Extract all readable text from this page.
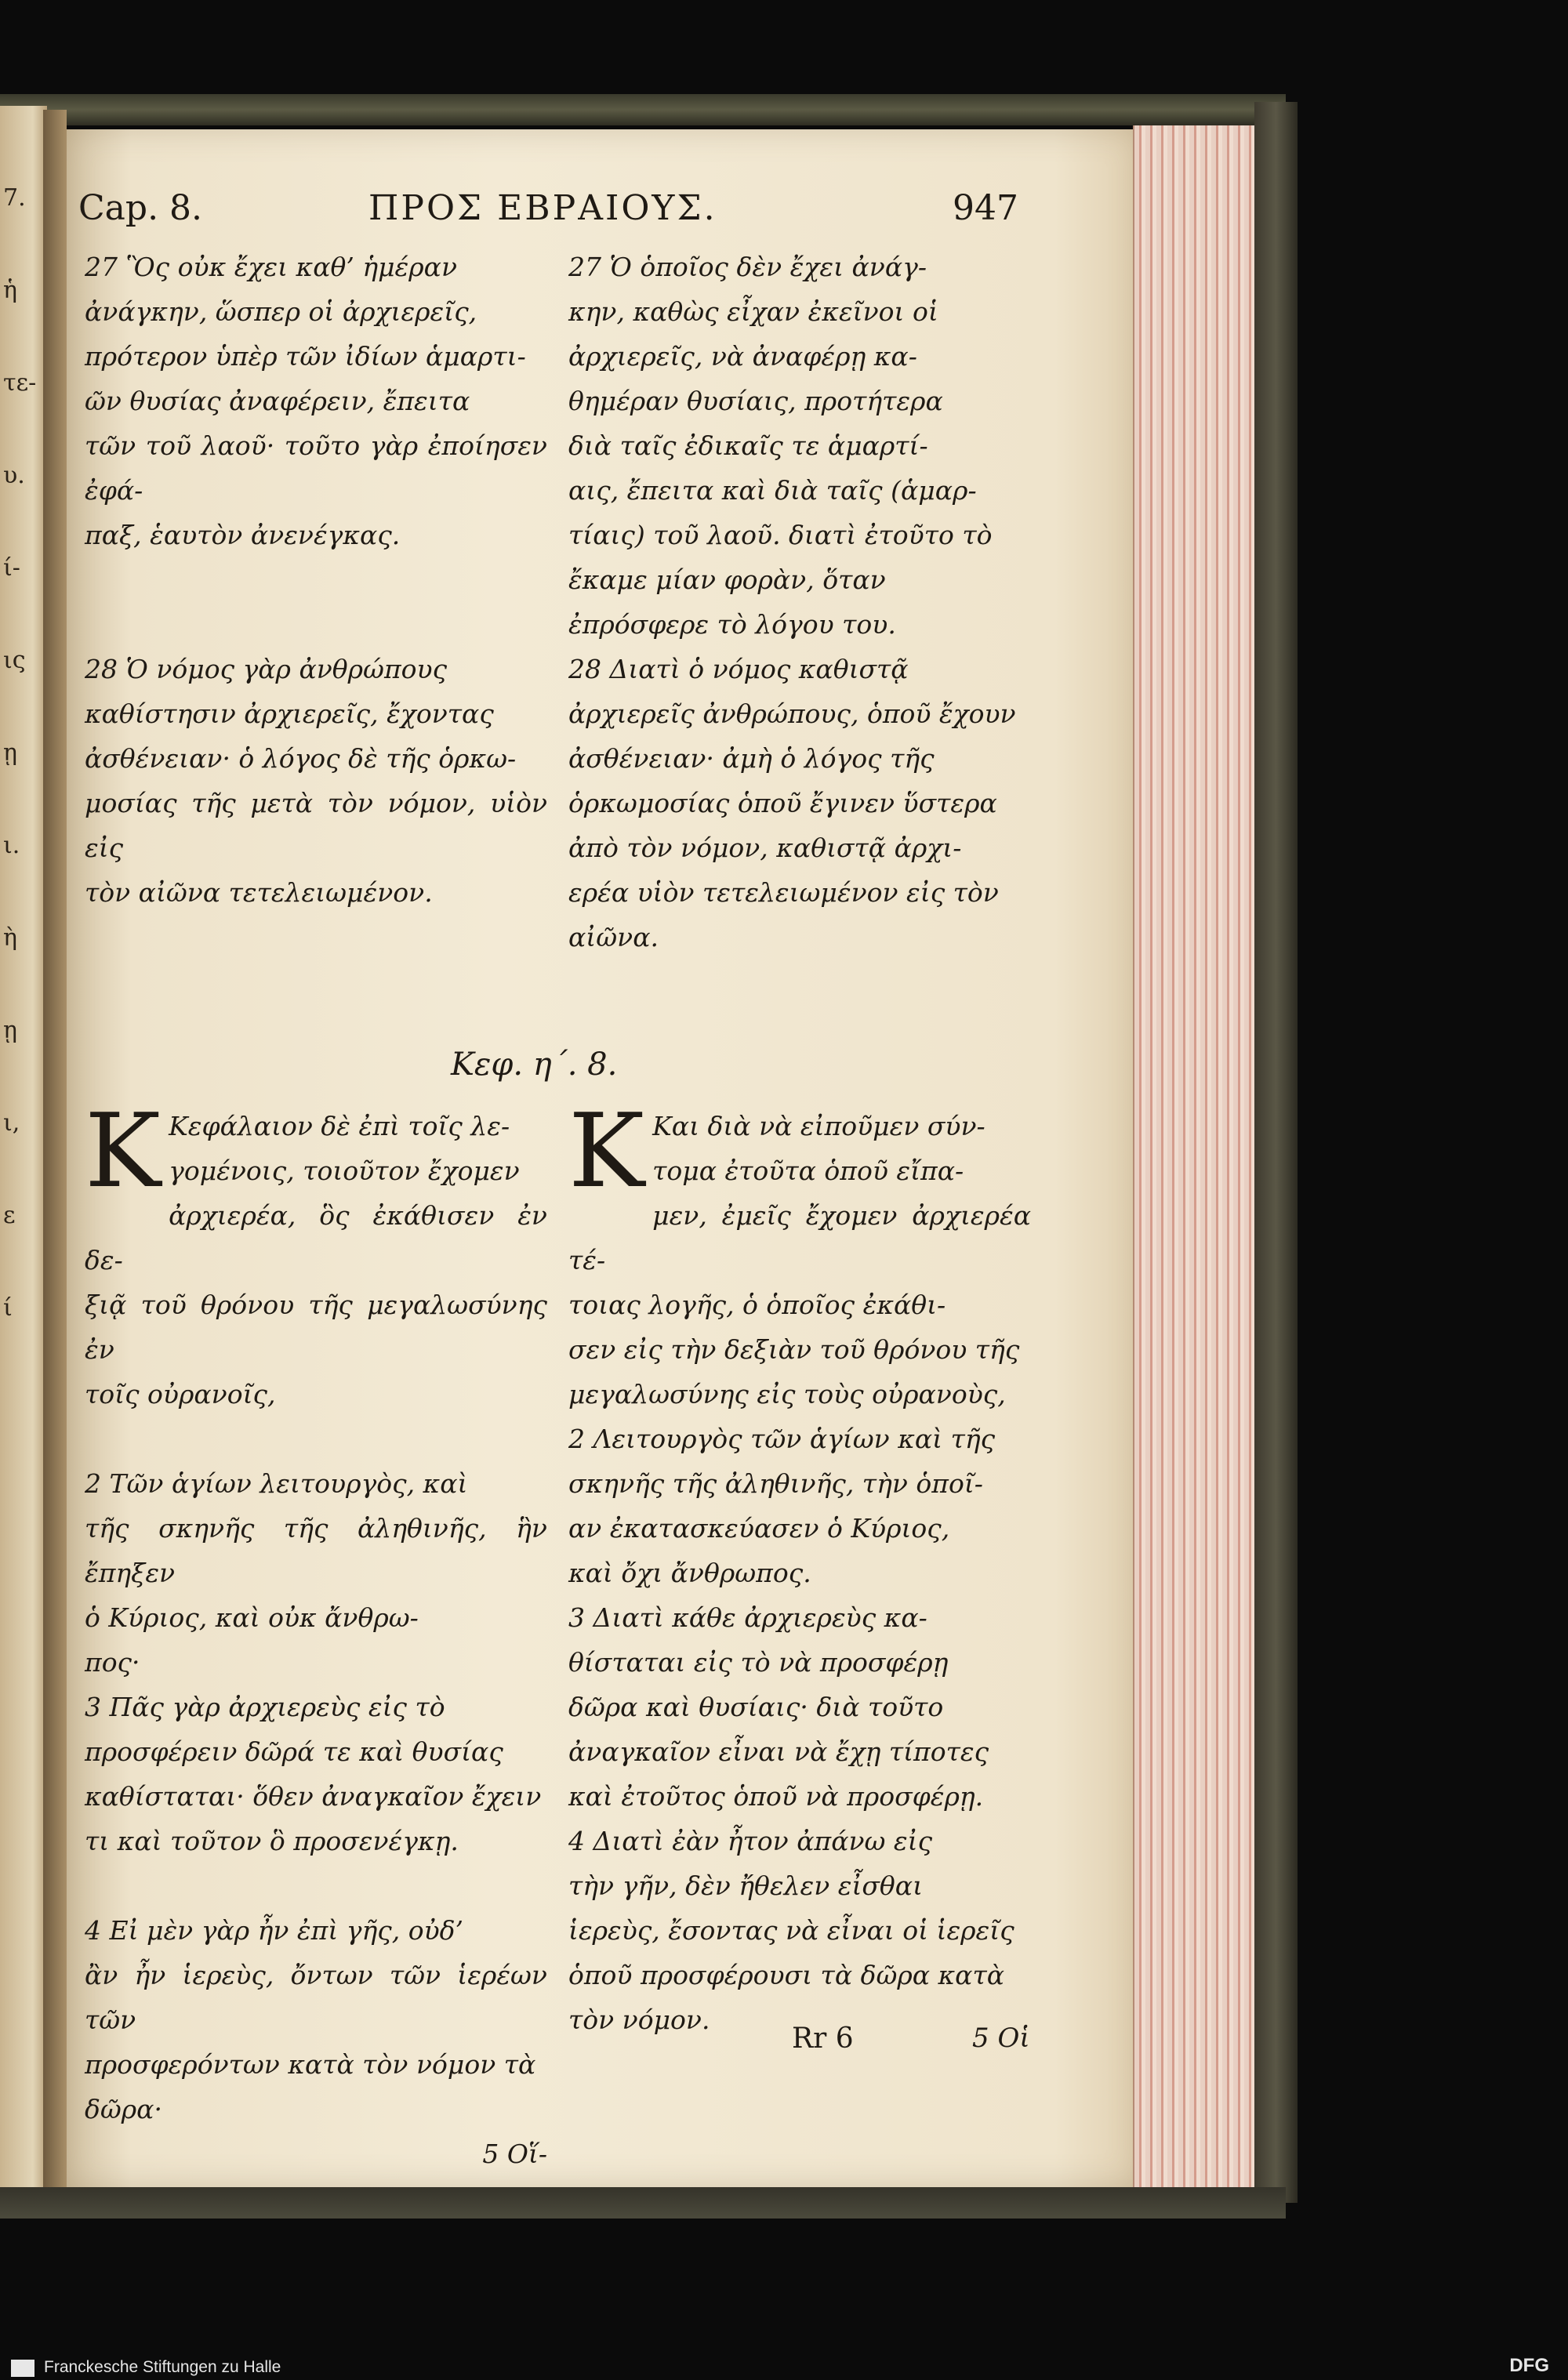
7.
ἡ
τε-
υ.
ί-
ις
ῃ
ι.
ὴ
ῃ
ι,
ε
ί
Cap. 8.	ΠΡΟΣ ΕΒΡΑΙΟΥΣ.	947

27 Ὃς οὐκ ἔχει καθ’ ἡμέραν
ἀνάγκην, ὥσπερ οἱ ἀρχιερεῖς,
πρότερον ὑπὲρ τῶν ἰδίων ἁμαρτι-
ῶν θυσίας ἀναφέρειν, ἔπειτα
τῶν τοῦ λαοῦ· τοῦτο γὰρ ἐποίησεν ἐφά-
παξ, ἑαυτὸν ἀνενέγκας.

28 Ὁ νόμος γὰρ ἀνθρώπους
καθίστησιν ἀρχιερεῖς, ἔχοντας
ἀσθένειαν· ὁ λόγος δὲ τῆς ὁρκω-
μοσίας τῆς μετὰ τὸν νόμον, υἱὸν εἰς
τὸν αἰῶνα τετελειωμένον.

27 Ὁ ὁποῖος δὲν ἔχει ἀνάγ-
κην, καθὼς εἶχαν ἐκεῖνοι οἱ
ἀρχιερεῖς, νὰ ἀναφέρῃ κα-
θημέραν θυσίαις, προτήτερα
διὰ ταῖς ἐδικαῖς τε ἁμαρτί-
αις, ἔπειτα καὶ διὰ ταῖς (ἁμαρ-
τίαις) τοῦ λαοῦ. διατὶ ἐτοῦτο τὸ
ἔκαμε μίαν φορὰν, ὅταν
ἐπρόσφερε τὸ λόγου του.

28 Διατὶ ὁ νόμος καθιστᾷ
ἀρχιερεῖς ἀνθρώπους, ὁποῦ ἔχουν
ἀσθένειαν· ἀμὴ ὁ λόγος τῆς
ὁρκωμοσίας ὁποῦ ἔγινεν ὕστερα
ἀπὸ τὸν νόμον, καθιστᾷ ἀρχι-
ερέα υἱὸν τετελειωμένον εἰς τὸν
αἰῶνα.

Κεφ. η΄. 8.

K Κεφάλαιον δὲ ἐπὶ τοῖς λε-
γομένοις, τοιοῦτον ἔχομεν
ἀρχιερέα, ὃς ἐκάθισεν ἐν δε-
ξιᾷ τοῦ θρόνου τῆς μεγαλωσύνης ἐν
τοῖς οὐρανοῖς,

2 Τῶν ἁγίων λειτουργὸς, καὶ
τῆς σκηνῆς τῆς ἀληθινῆς, ἣν ἔπηξεν
ὁ Κύριος, καὶ οὐκ ἄνθρω-
πος·

3 Πᾶς γὰρ ἀρχιερεὺς εἰς τὸ
προσφέρειν δῶρά τε καὶ θυσίας
καθίσταται· ὅθεν ἀναγκαῖον ἔχειν
τι καὶ τοῦτον ὃ προσενέγκῃ.

4 Εἰ μὲν γὰρ ἦν ἐπὶ γῆς, οὐδ’
ἂν ἦν ἱερεὺς, ὄντων τῶν ἱερέων τῶν
προσφερόντων κατὰ τὸν νόμον τὰ
δῶρα·

5 Οἵ-

K Και διὰ νὰ εἰποῦμεν σύν-
τομα ἐτοῦτα ὁποῦ εἴπα-
μεν, ἐμεῖς ἔχομεν ἀρχιερέα τέ-
τοιας λογῆς, ὁ ὁποῖος ἐκάθι-
σεν εἰς τὴν δεξιὰν τοῦ θρόνου τῆς
μεγαλωσύνης εἰς τοὺς οὐρανοὺς,

2 Λειτουργὸς τῶν ἁγίων καὶ τῆς
σκηνῆς τῆς ἀληθινῆς, τὴν ὁποῖ-
αν ἐκατασκεύασεν ὁ Κύριος,
καὶ ὄχι ἄνθρωπος.

3 Διατὶ κάθε ἀρχιερεὺς κα-
θίσταται εἰς τὸ νὰ προσφέρῃ
δῶρα καὶ θυσίαις· διὰ τοῦτο
ἀναγκαῖον εἶναι νὰ ἔχῃ τίποτες
καὶ ἐτοῦτος ὁποῦ νὰ προσφέρῃ.

4 Διατὶ ἐὰν ἦτον ἀπάνω εἰς
τὴν γῆν, δὲν ἤθελεν εἶσθαι
ἱερεὺς, ἔσοντας νὰ εἶναι οἱ ἱερεῖς
ὁποῦ προσφέρουσι τὰ δῶρα κατὰ
τὸν νόμον.

Rr 6	5 Οἱ
Franckesche Stiftungen zu Halle	DFG
